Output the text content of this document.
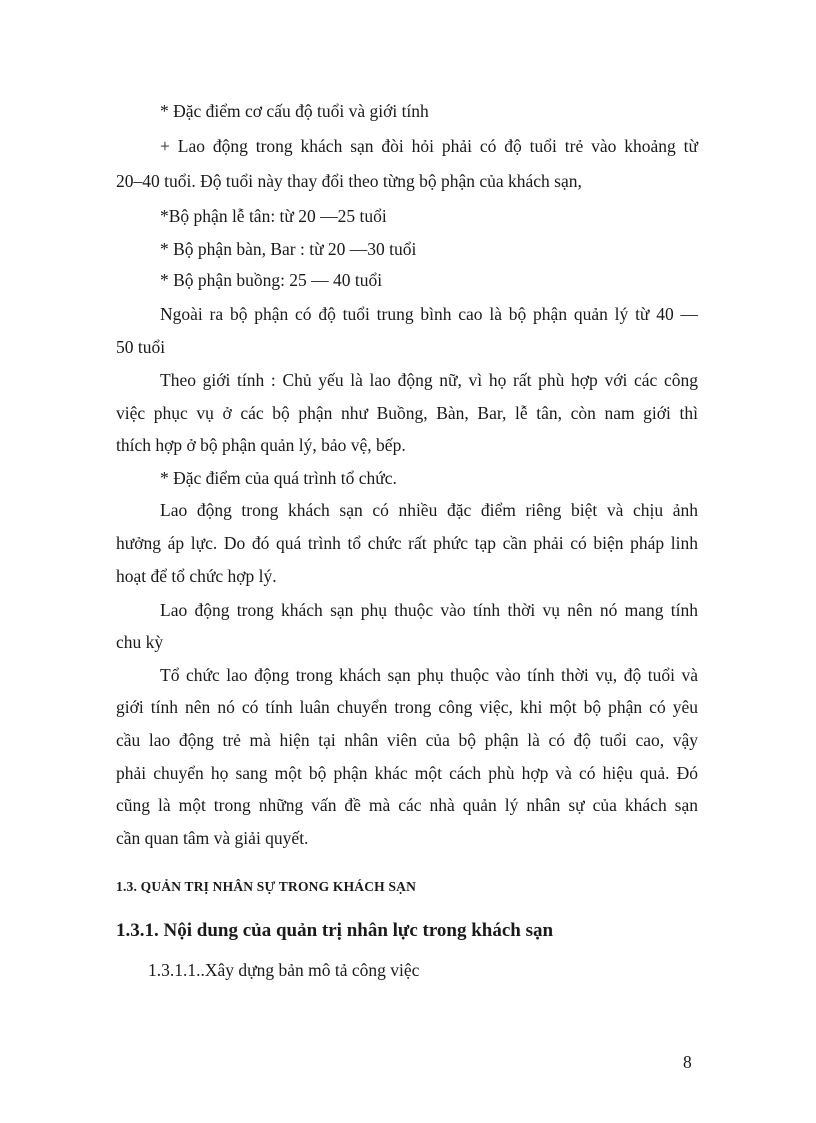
* Đặc điểm cơ cấu độ tuổi và giới tính
+ Lao động trong khách sạn đòi hỏi phải có độ tuổi trẻ vào khoảng từ
20–40 tuổi. Độ tuổi này thay đổi theo từng bộ phận của khách sạn,
*Bộ phận lễ tân: từ 20 —25 tuổi
* Bộ phận bàn, Bar : từ 20 —30 tuổi
* Bộ phận buồng: 25 — 40 tuổi
Ngoài ra bộ phận có độ tuổi trung bình cao là bộ phận quản lý từ 40 —
50 tuổi
Theo giới tính : Chủ yếu là lao động nữ, vì họ rất phù hợp với các công
việc phục vụ ở các bộ phận như Buồng, Bàn, Bar, lễ tân, còn nam giới thì
thích hợp ở bộ phận quản lý, bảo vệ, bếp.
* Đặc điểm của quá trình tổ chức.
Lao động trong khách sạn có nhiều đặc điểm riêng biệt và chịu ảnh
hưởng áp lực. Do đó quá trình tổ chức rất phức tạp cần phải có biện pháp linh
hoạt để tổ chức hợp lý.
Lao động trong khách sạn phụ thuộc vào tính thời vụ nên nó mang tính
chu kỳ
Tổ chức lao động trong khách sạn phụ thuộc vào tính thời vụ, độ tuổi và
giới tính nên nó có tính luân chuyển trong công việc, khi một bộ phận có yêu
cầu lao động trẻ mà hiện tại nhân viên của bộ phận là có độ tuổi cao, vậy
phải chuyển họ sang một bộ phận khác một cách phù hợp và có hiệu quả. Đó
cũng là một trong những vấn đề mà các nhà quản lý nhân sự của khách sạn
cần quan tâm và giải quyết.
1.3. QUẢN TRỊ NHÂN SỰ TRONG KHÁCH SẠN
1.3.1. Nội dung của quản trị nhân lực trong khách sạn
1.3.1.1..Xây dựng bản mô tả công việc
8
